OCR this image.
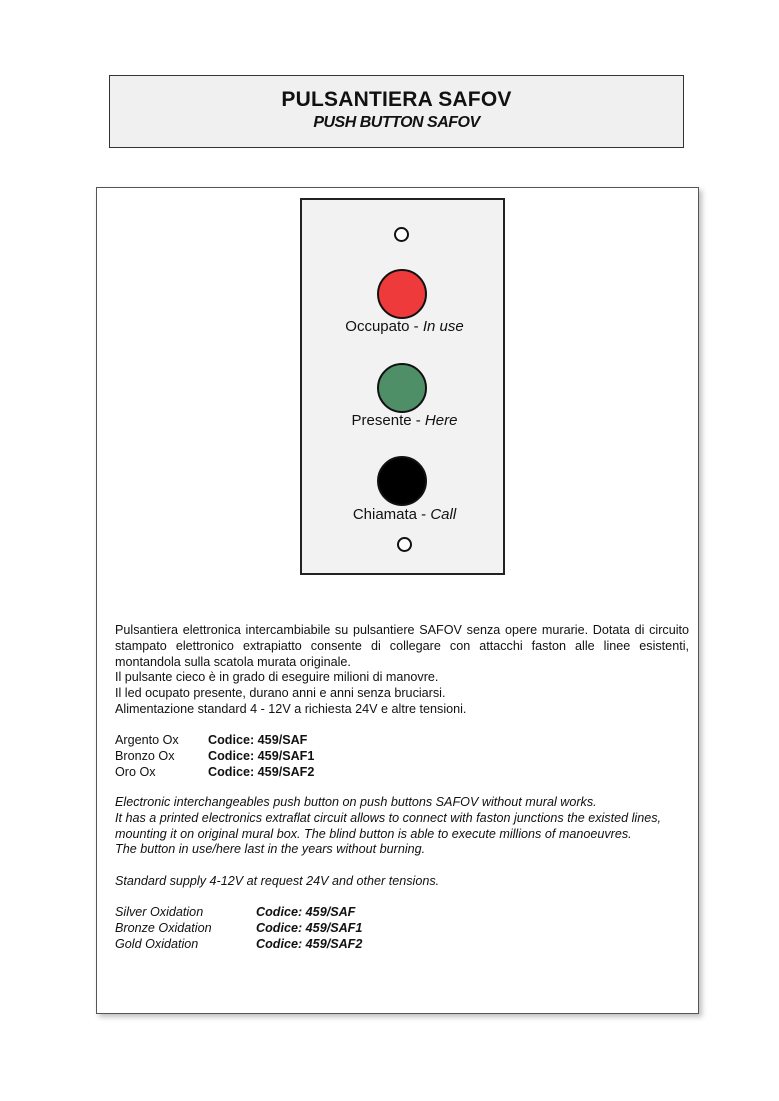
PULSANTIERA SAFOV
PUSH BUTTON SAFOV
Occupato - In use
Presente - Here
Chiamata - Call
Pulsantiera elettronica intercambiabile su pulsantiere SAFOV senza opere murarie. Dotata di circuito stampato elettronico extrapiatto consente di collegare con attacchi faston alle linee esistenti, montandola sulla scatola murata originale.
Il pulsante cieco è in grado di eseguire milioni di manovre.
Il led ocupato presente, durano anni e anni senza bruciarsi.
Alimentazione standard 4 - 12V a richiesta 24V e altre tensioni.
Argento Ox	Codice: 459/SAF
Bronzo Ox	Codice: 459/SAF1
Oro Ox	Codice: 459/SAF2
Electronic interchangeables push button on push buttons SAFOV without mural works.
It has a printed electronics extraflat circuit allows to connect with faston junctions the existed lines,
mounting it on original mural box. The blind button is able to execute millions of manoeuvres.
The button in use/here last in the years without burning.

Standard supply 4-12V at request 24V and other tensions.
Silver Oxidation	Codice: 459/SAF
Bronze Oxidation	Codice: 459/SAF1
Gold Oxidation	Codice: 459/SAF2
